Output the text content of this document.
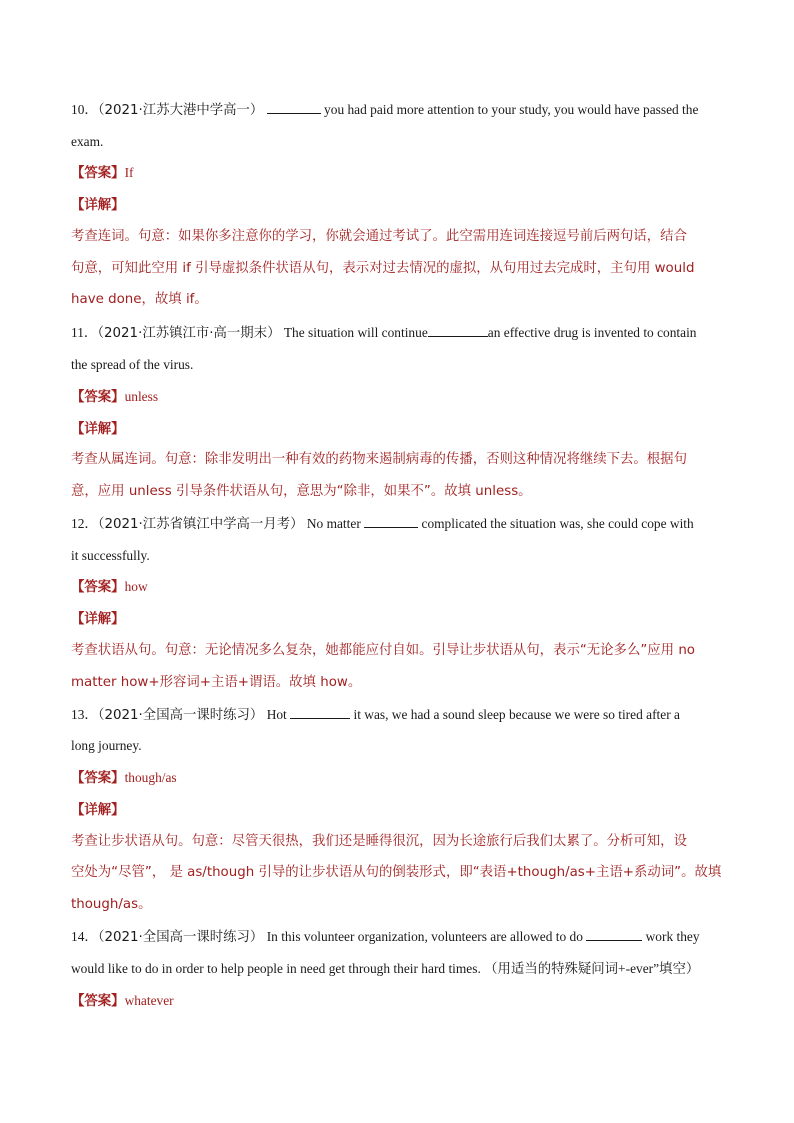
10．（2021·江苏大港中学高一）	you had paid more attention to your study, you would have passed the
exam.
【答案】If
【详解】
考查连词。句意：如果你多注意你的学习，你就会通过考试了。此空需用连词连接逗号前后两句话，结合
句意，可知此空用 if 引导虚拟条件状语从句，表示对过去情况的虚拟，从句用过去完成时，主句用 would
have done，故填 if。
11．（2021·江苏镇江市·高一期末） The situation will continue	an effective drug is invented to contain
the spread of the virus.
【答案】unless
【详解】
考查从属连词。句意：除非发明出一种有效的药物来遏制病毒的传播，否则这种情况将继续下去。根据句
意，应用 unless 引导条件状语从句，意思为“除非，如果不”。故填 unless。
12．（2021·江苏省镇江中学高一月考） No matter	complicated the situation was, she could cope with
it successfully.
【答案】how
【详解】
考查状语从句。句意：无论情况多么复杂，她都能应付自如。引导让步状语从句，表示“无论多么”应用 no
matter how+形容词+主语+谓语。故填 how。
13．（2021·全国高一课时练习） Hot	it was, we had a sound sleep because we were so tired after a
long journey.
【答案】though/as
【详解】
考查让步状语从句。句意：尽管天很热，我们还是睡得很沉，因为长途旅行后我们太累了。分析可知，设
空处为“尽管”， 是 as/though 引导的让步状语从句的倒装形式，即“表语+though/as+主语+系动词”。故填
though/as。
14．（2021·全国高一课时练习） In this volunteer organization, volunteers are allowed to do	work they
would like to do in order to help people in need get through their hard times. （用适当的特殊疑问词+-ever”填空）
【答案】whatever
